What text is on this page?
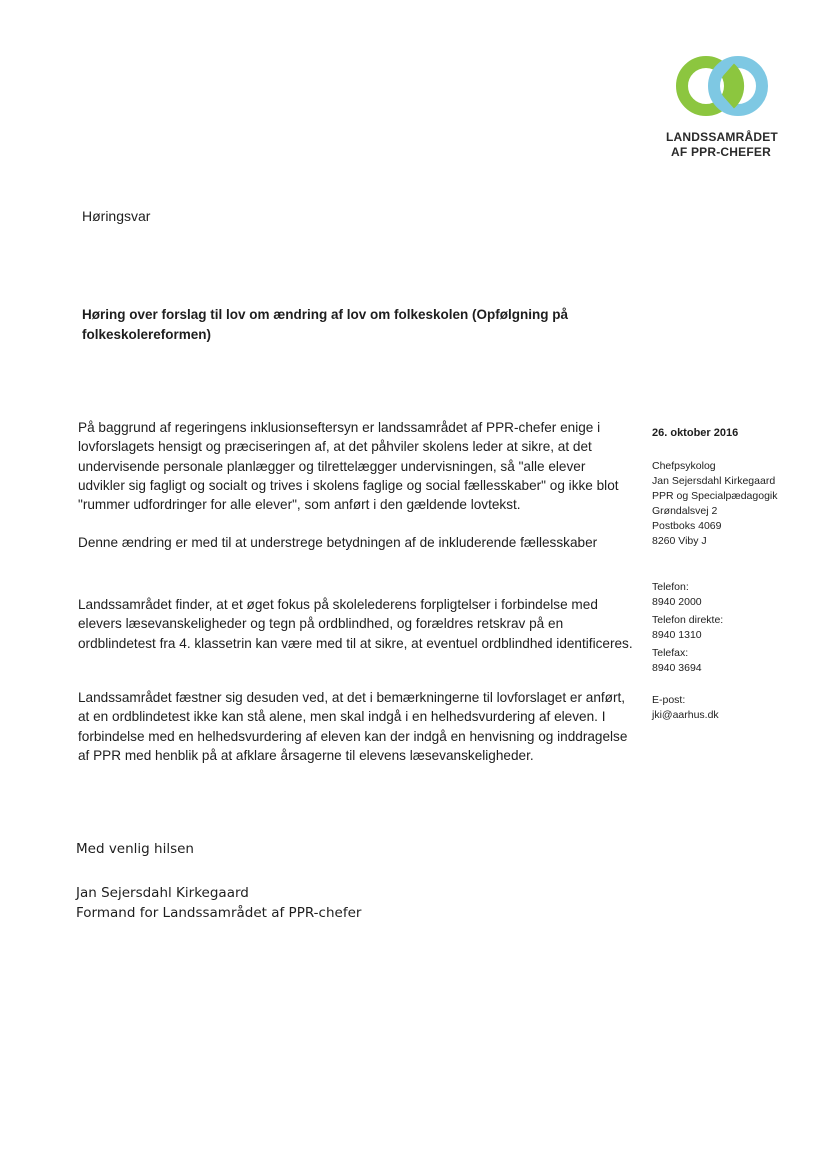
LANDSSAMRÅDET
AF PPR-CHEFER
Høringsvar
Høring over forslag til lov om ændring af lov om folkeskolen (Opfølgning på folkeskolereformen)
På baggrund af regeringens inklusionseftersyn er landssamrådet af PPR-chefer enige i lovforslagets hensigt og præciseringen af, at det påhviler skolens leder at sikre, at det undervisende personale planlægger og tilrettelægger undervisningen, så "alle elever udvikler sig fagligt og socialt og trives i skolens faglige og social fællesskaber" og ikke blot "rummer udfordringer for alle elever", som anført i den gældende lovtekst.
Denne ændring er med til at understrege betydningen af de inkluderende fællesskaber
Landssamrådet finder, at et øget fokus på skolelederens forpligtelser i forbindelse med elevers læsevanskeligheder og tegn på ordblindhed, og forældres retskrav på en ordblindetest fra 4. klassetrin kan være med til at sikre, at eventuel ordblindhed identificeres.
Landssamrådet fæstner sig desuden ved, at det i bemærkningerne til lovforslaget er anført, at en ordblindetest ikke kan stå alene, men skal indgå i en helhedsvurdering af eleven. I forbindelse med en helhedsvurdering af eleven kan der indgå en henvisning og inddragelse af PPR med henblik på at afklare årsagerne til elevens læsevanskeligheder.
Med venlig hilsen
Jan Sejersdahl Kirkegaard
Formand for Landssamrådet af PPR-chefer
26. oktober 2016
Chefpsykolog
Jan Sejersdahl Kirkegaard
PPR og Specialpædagogik
Grøndalsvej 2
Postboks 4069
8260 Viby J
Telefon:
8940 2000
Telefon direkte:
8940 1310
Telefax:
8940 3694
E-post:
jki@aarhus.dk
